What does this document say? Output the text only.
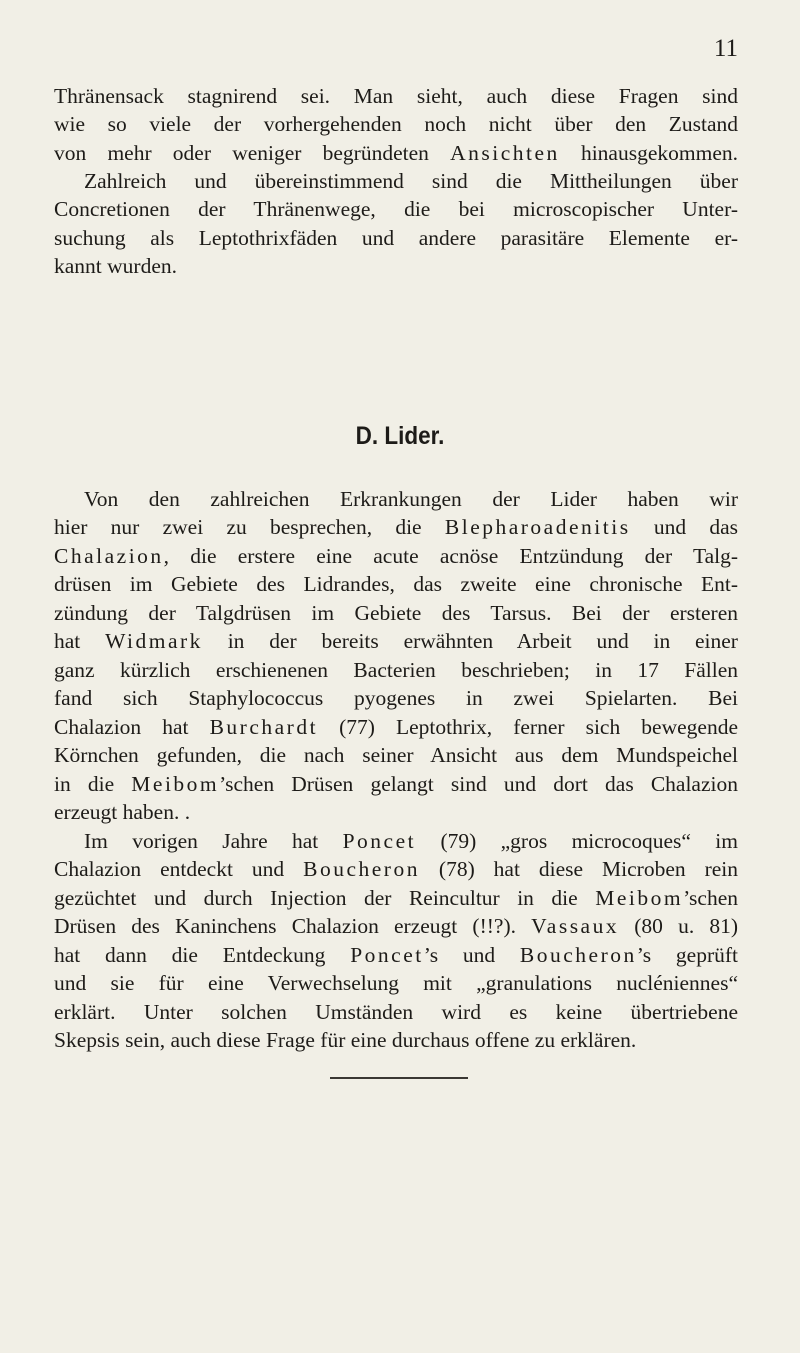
11
Thränensack stagnirend sei. Man sieht, auch diese Fragen sind
wie so viele der vorhergehenden noch nicht über den Zustand
von mehr oder weniger begründeten Ansichten hinausgekommen.
Zahlreich und übereinstimmend sind die Mittheilungen über
Concretionen der Thränenwege, die bei microscopischer Unter-
suchung als Leptothrixfäden und andere parasitäre Elemente er-
kannt wurden.
D. Lider.
Von den zahlreichen Erkrankungen der Lider haben wir
hier nur zwei zu besprechen, die Blepharoadenitis und das
Chalazion, die erstere eine acute acnöse Entzündung der Talg-
drüsen im Gebiete des Lidrandes, das zweite eine chronische Ent-
zündung der Talgdrüsen im Gebiete des Tarsus. Bei der ersteren
hat Widmark in der bereits erwähnten Arbeit und in einer
ganz kürzlich erschienenen Bacterien beschrieben; in 17 Fällen
fand sich Staphylococcus pyogenes in zwei Spielarten. Bei
Chalazion hat Burchardt (77) Leptothrix, ferner sich bewegende
Körnchen gefunden, die nach seiner Ansicht aus dem Mundspeichel
in die Meibom’schen Drüsen gelangt sind und dort das Chalazion
erzeugt haben. .
Im vorigen Jahre hat Poncet (79) „gros microcoques“ im
Chalazion entdeckt und Boucheron (78) hat diese Microben rein
gezüchtet und durch Injection der Reincultur in die Meibom’schen
Drüsen des Kaninchens Chalazion erzeugt (!!?). Vassaux (80 u. 81)
hat dann die Entdeckung Poncet’s und Boucheron’s geprüft
und sie für eine Verwechselung mit „granulations nucléniennes“
erklärt. Unter solchen Umständen wird es keine übertriebene
Skepsis sein, auch diese Frage für eine durchaus offene zu erklären.
